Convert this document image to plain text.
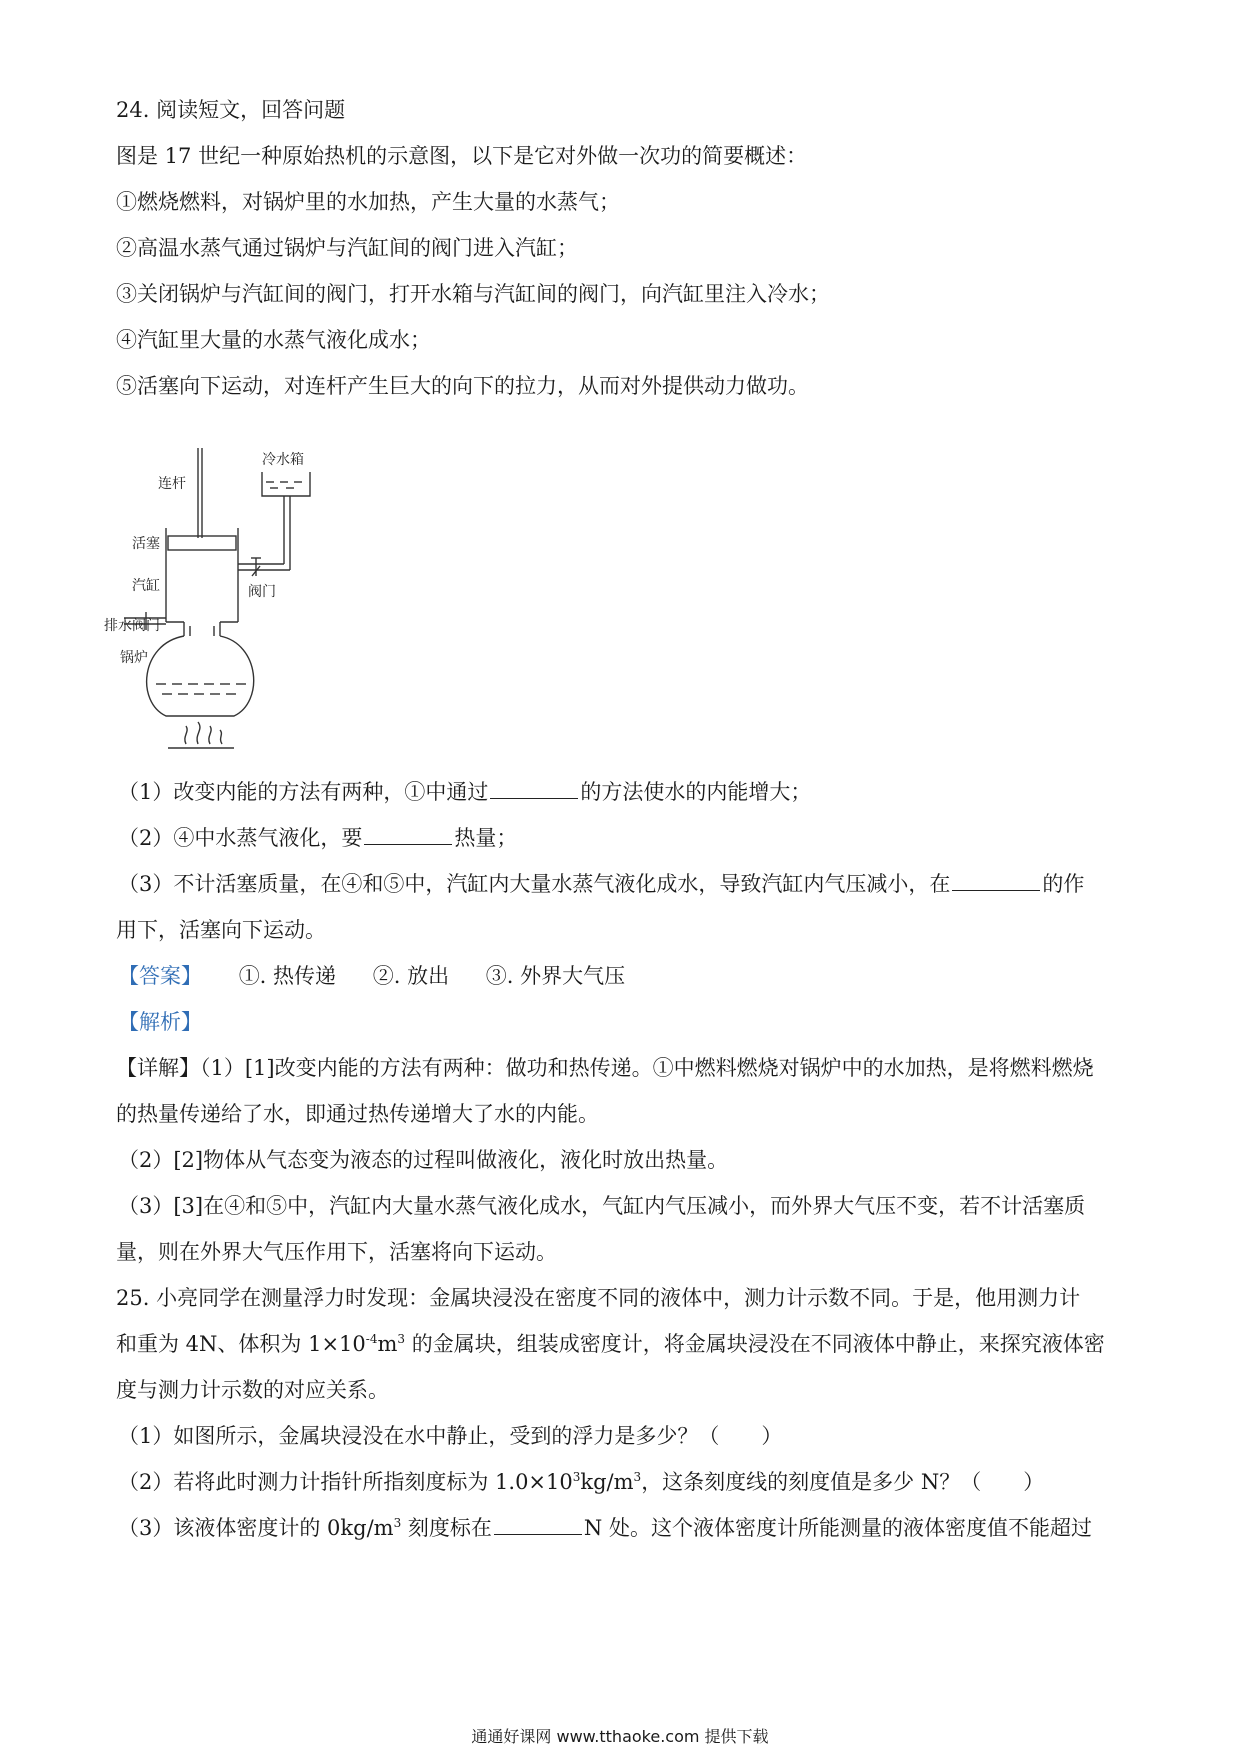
24. 阅读短文，回答问题
图是 17 世纪一种原始热机的示意图，以下是它对外做一次功的简要概述：
①燃烧燃料，对锅炉里的水加热，产生大量的水蒸气；
②高温水蒸气通过锅炉与汽缸间的阀门进入汽缸；
③关闭锅炉与汽缸间的阀门，打开水箱与汽缸间的阀门，向汽缸里注入冷水；
④汽缸里大量的水蒸气液化成水；
⑤活塞向下运动，对连杆产生巨大的向下的拉力，从而对外提供动力做功。
连杆
冷水箱
活塞
汽缸
排水阀门
阀门
锅炉
（1）改变内能的方法有两种，①中通过	的方法使水的内能增大；
（2）④中水蒸气液化，要	热量；
（3）不计活塞质量，在④和⑤中，汽缸内大量水蒸气液化成水，导致汽缸内气压减小，在	的作
用下，活塞向下运动。
【答案】 ①. 热传递 ②. 放出 ③. 外界大气压
【解析】
【详解】（1）[1]改变内能的方法有两种：做功和热传递。①中燃料燃烧对锅炉中的水加热，是将燃料燃烧
的热量传递给了水，即通过热传递增大了水的内能。
（2）[2]物体从气态变为液态的过程叫做液化，液化时放出热量。
（3）[3]在④和⑤中，汽缸内大量水蒸气液化成水，气缸内气压减小，而外界大气压不变，若不计活塞质
量，则在外界大气压作用下，活塞将向下运动。
25. 小亮同学在测量浮力时发现：金属块浸没在密度不同的液体中，测力计示数不同。于是，他用测力计
和重为 4N、体积为 $1\times 10^{-4}m^3$ 的金属块，组装成密度计，将金属块浸没在不同液体中静止，来探究液体密
度与测力计示数的对应关系。
（1）如图所示，金属块浸没在水中静止，受到的浮力是多少？（　　）
（2）若将此时测力计指针所指刻度标为 $1.0\times 10^3kg/m^3$，这条刻度线的刻度值是多少 N？（　　）
（3）该液体密度计的 $0kg/m^3$ 刻度标在	N 处。这个液体密度计所能测量的液体密度值不能超过
通通好课网 www.tthaoke.com 提供下载
